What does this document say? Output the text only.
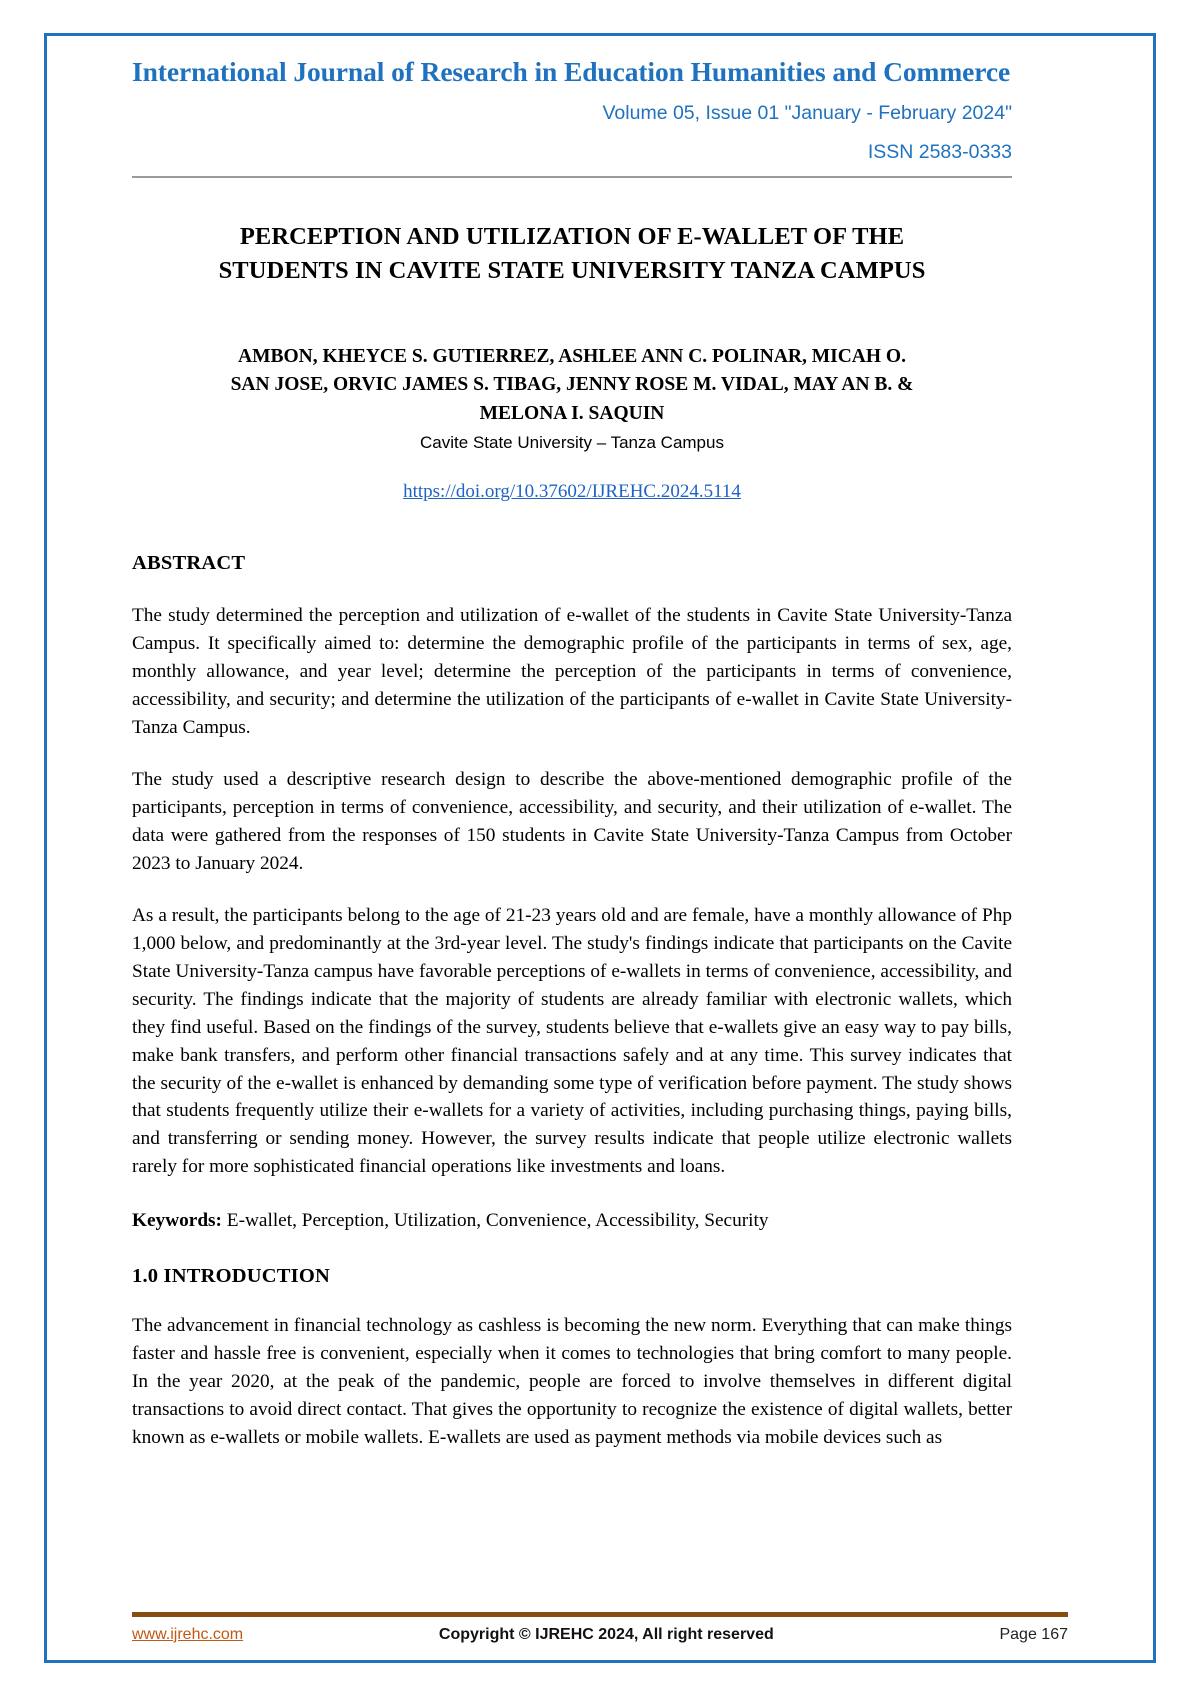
International Journal of Research in Education Humanities and Commerce
Volume 05, Issue 01 "January - February 2024"
ISSN 2583-0333
PERCEPTION AND UTILIZATION OF E-WALLET OF THE
STUDENTS IN CAVITE STATE UNIVERSITY TANZA CAMPUS
AMBON, KHEYCE S. GUTIERREZ, ASHLEE ANN C. POLINAR, MICAH O.
SAN JOSE, ORVIC JAMES S. TIBAG, JENNY ROSE M. VIDAL, MAY AN B. &
MELONA I. SAQUIN
Cavite State University – Tanza Campus
https://doi.org/10.37602/IJREHC.2024.5114
ABSTRACT

The study determined the perception and utilization of e-wallet of the students in Cavite State University-Tanza Campus. It specifically aimed to: determine the demographic profile of the participants in terms of sex, age, monthly allowance, and year level; determine the perception of the participants in terms of convenience, accessibility, and security; and determine the utilization of the participants of e-wallet in Cavite State University-Tanza Campus.

The study used a descriptive research design to describe the above-mentioned demographic profile of the participants, perception in terms of convenience, accessibility, and security, and their utilization of e-wallet. The data were gathered from the responses of 150 students in Cavite State University-Tanza Campus from October 2023 to January 2024.

As a result, the participants belong to the age of 21-23 years old and are female, have a monthly allowance of Php 1,000 below, and predominantly at the 3rd-year level. The study's findings indicate that participants on the Cavite State University-Tanza campus have favorable perceptions of e-wallets in terms of convenience, accessibility, and security. The findings indicate that the majority of students are already familiar with electronic wallets, which they find useful. Based on the findings of the survey, students believe that e-wallets give an easy way to pay bills, make bank transfers, and perform other financial transactions safely and at any time. This survey indicates that the security of the e-wallet is enhanced by demanding some type of verification before payment. The study shows that students frequently utilize their e-wallets for a variety of activities, including purchasing things, paying bills, and transferring or sending money. However, the survey results indicate that people utilize electronic wallets rarely for more sophisticated financial operations like investments and loans.

Keywords: E-wallet, Perception, Utilization, Convenience, Accessibility, Security
1.0 INTRODUCTION

The advancement in financial technology as cashless is becoming the new norm. Everything that can make things faster and hassle free is convenient, especially when it comes to technologies that bring comfort to many people. In the year 2020, at the peak of the pandemic, people are forced to involve themselves in different digital transactions to avoid direct contact. That gives the opportunity to recognize the existence of digital wallets, better known as e-wallets or mobile wallets. E-wallets are used as payment methods via mobile devices such as

www.ijrehc.com	Copyright © IJREHC 2024, All right reserved	Page 167
